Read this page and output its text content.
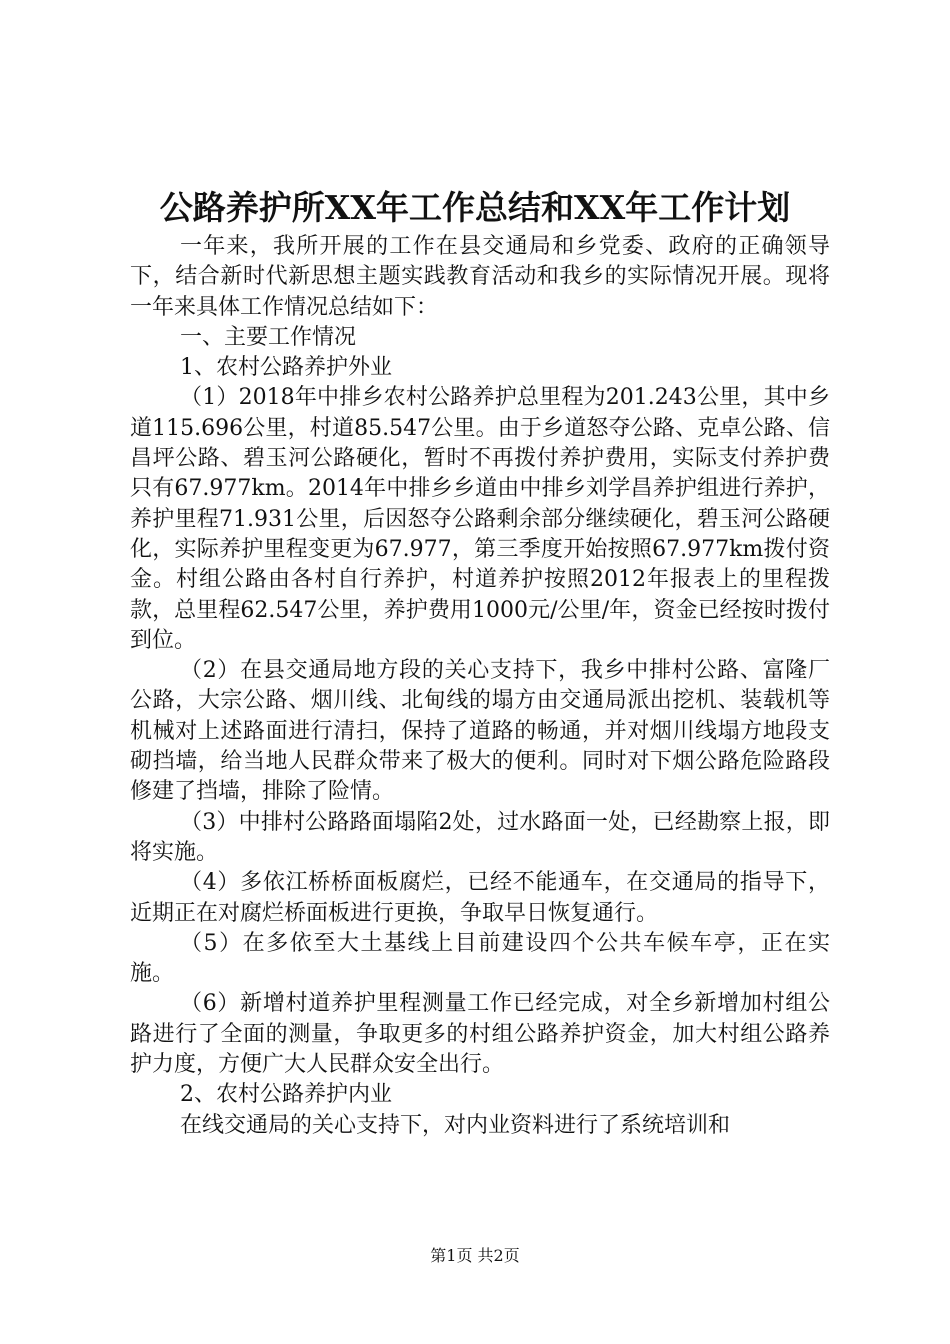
公路养护所XX年工作总结和XX年工作计划

一年来，我所开展的工作在县交通局和乡党委、政府的正确领导下，结合新时代新思想主题实践教育活动和我乡的实际情况开展。现将一年来具体工作情况总结如下：

一、主要工作情况

1、农村公路养护外业

（1）2018年中排乡农村公路养护总里程为201.243公里，其中乡道115.696公里，村道85.547公里。由于乡道怒夺公路、克卓公路、信昌坪公路、碧玉河公路硬化，暂时不再拨付养护费用，实际支付养护费只有67.977km。2014年中排乡乡道由中排乡刘学昌养护组进行养护，养护里程71.931公里，后因怒夺公路剩余部分继续硬化，碧玉河公路硬化，实际养护里程变更为67.977，第三季度开始按照67.977km拨付资金。村组公路由各村自行养护，村道养护按照2012年报表上的里程拨款，总里程62.547公里，养护费用1000元/公里/年，资金已经按时拨付到位。

（2）在县交通局地方段的关心支持下，我乡中排村公路、富隆厂公路，大宗公路、烟川线、北甸线的塌方由交通局派出挖机、装载机等机械对上述路面进行清扫，保持了道路的畅通，并对烟川线塌方地段支砌挡墙，给当地人民群众带来了极大的便利。同时对下烟公路危险路段修建了挡墙，排除了险情。

（3）中排村公路路面塌陷2处，过水路面一处，已经勘察上报，即将实施。

（4）多依江桥桥面板腐烂，已经不能通车，在交通局的指导下，近期正在对腐烂桥面板进行更换，争取早日恢复通行。

（5）在多依至大土基线上目前建设四个公共车候车亭，正在实施。

（6）新增村道养护里程测量工作已经完成，对全乡新增加村组公路进行了全面的测量，争取更多的村组公路养护资金，加大村组公路养护力度，方便广大人民群众安全出行。

2、农村公路养护内业

在线交通局的关心支持下，对内业资料进行了系统培训和

第1页 共2页
